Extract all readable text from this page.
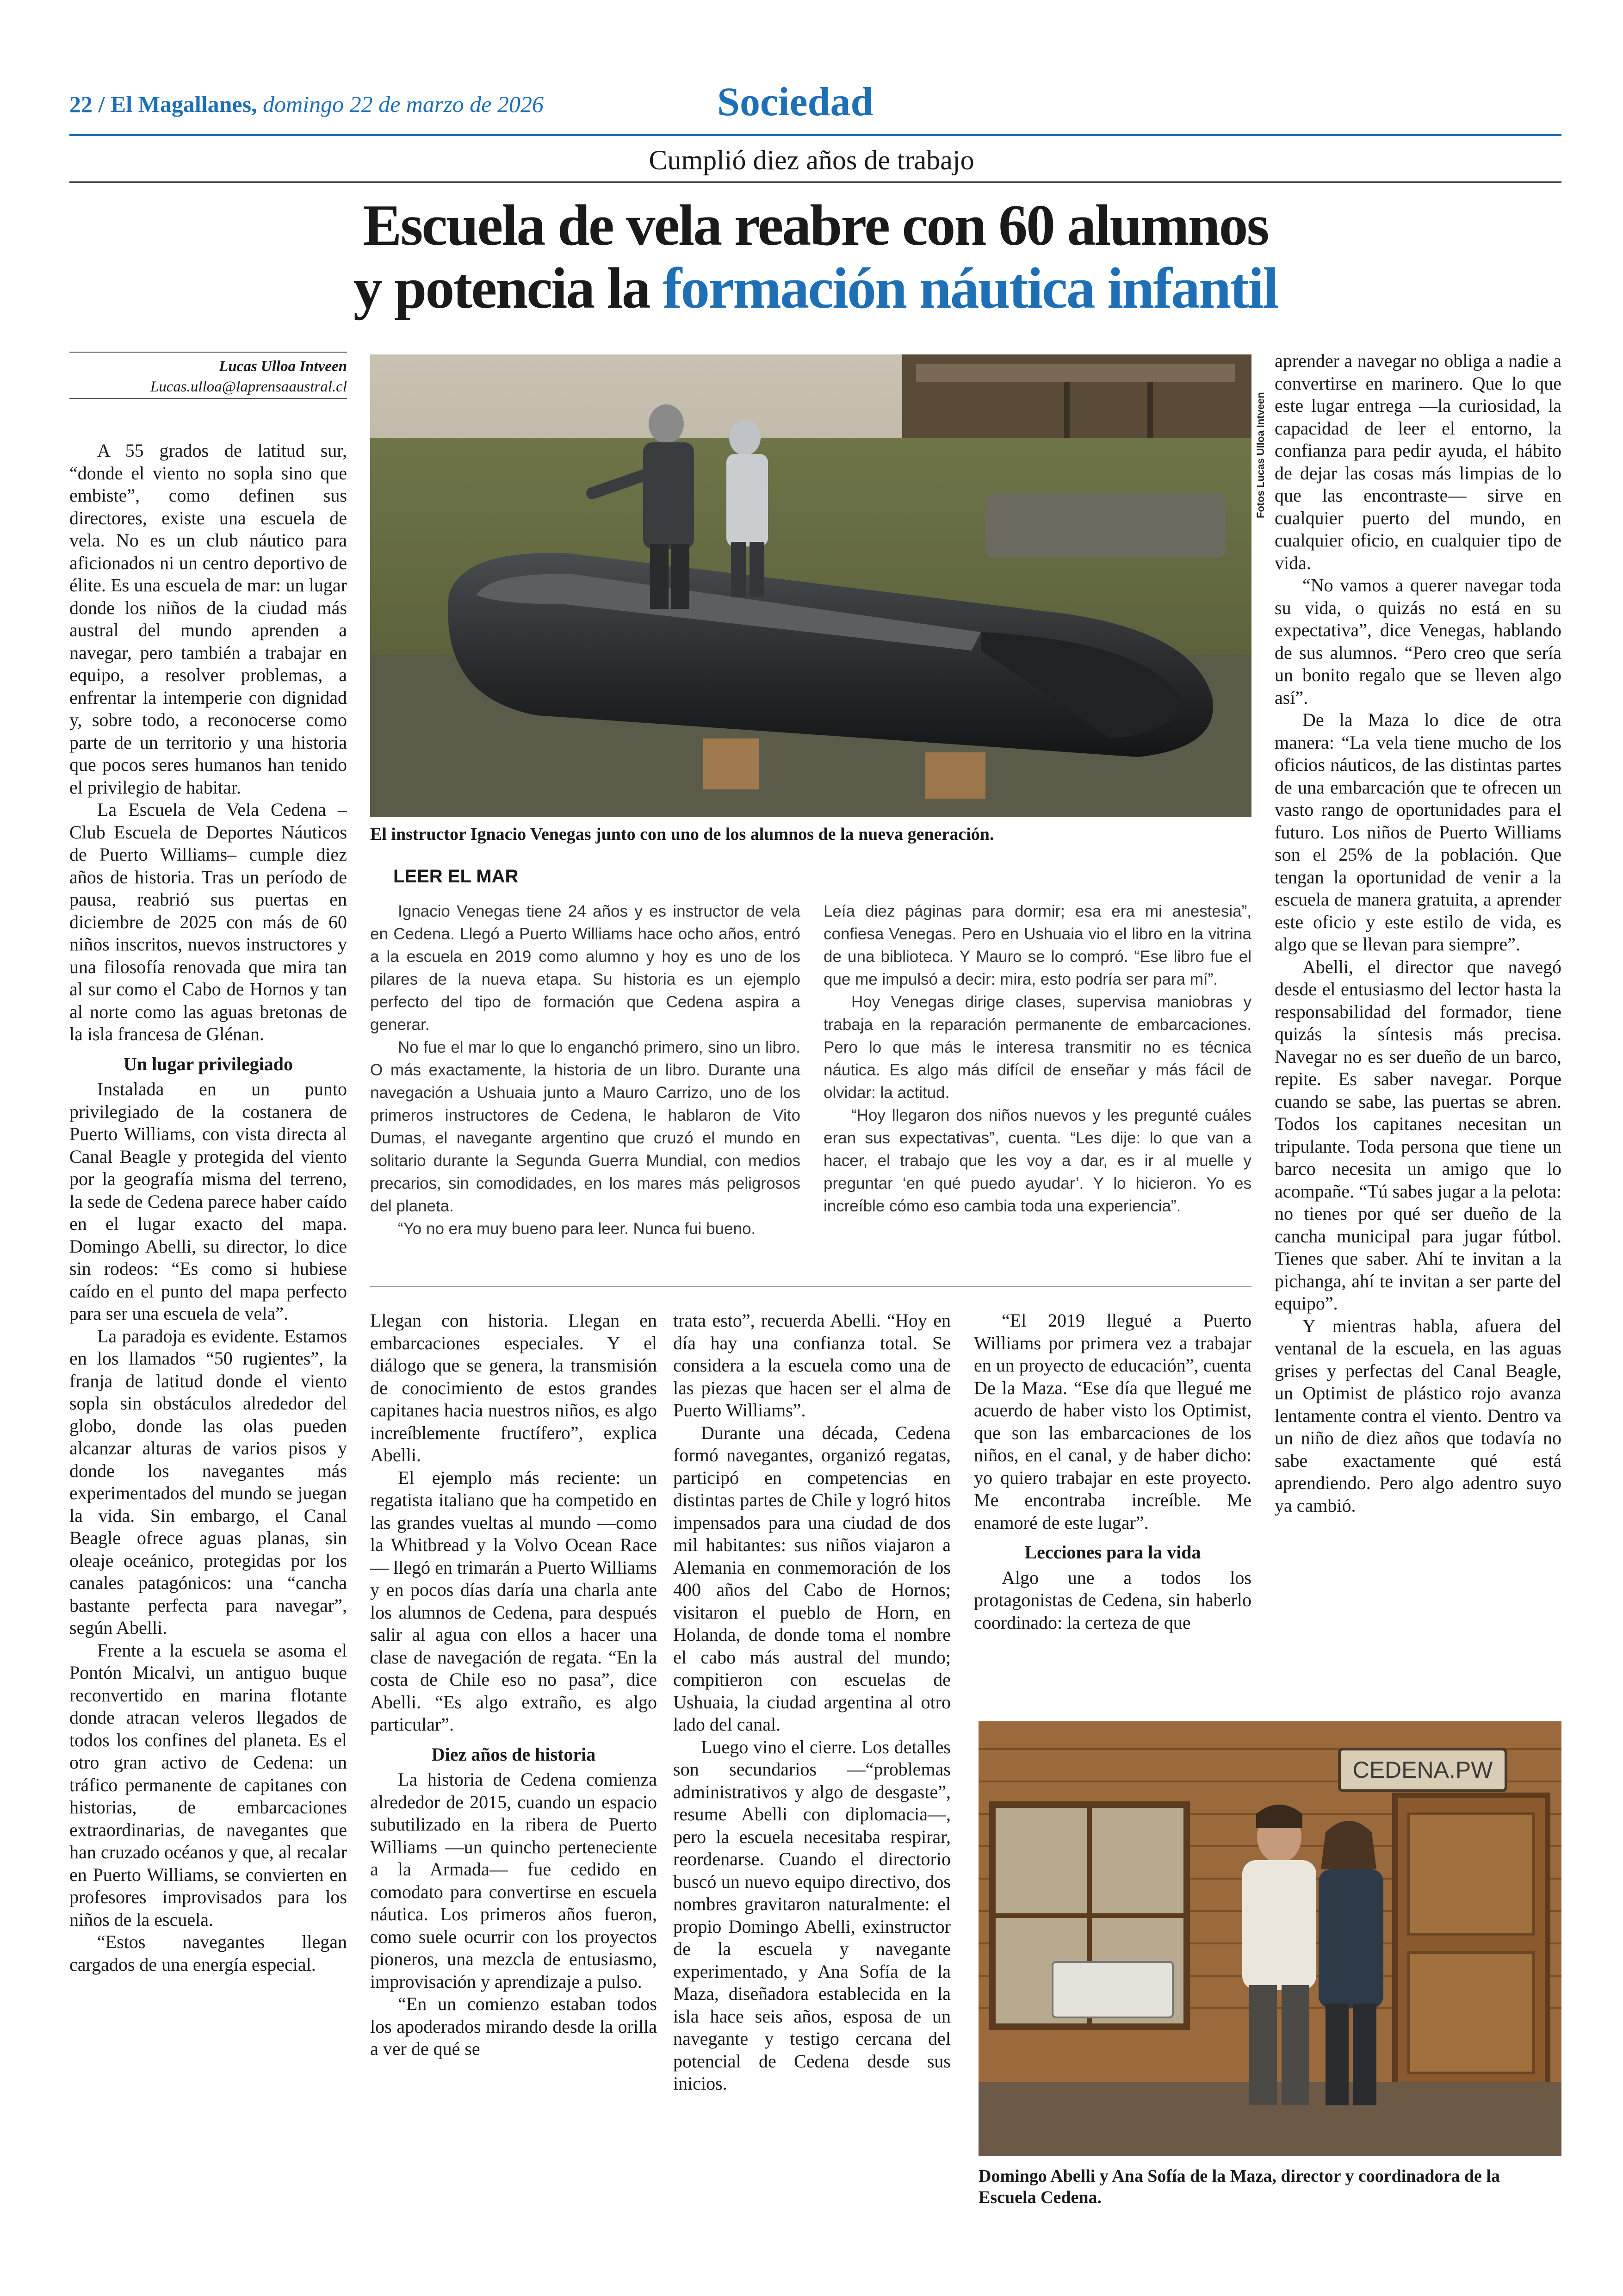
22 / El Magallanes, domingo 22 de marzo de 2026	Sociedad
Cumplió diez años de trabajo
Escuela de vela reabre con 60 alumnos
y potencia la formación náutica infantil
Lucas Ulloa Intveen
Lucas.ulloa@laprensaaustral.cl
Fotos Lucas Ulloa Intveen
El instructor Ignacio Venegas junto con uno de los alumnos de la nueva generación.

A 55 grados de latitud sur, “donde el viento no sopla sino que embiste”, como definen sus directores, existe una escuela de vela. No es un club náutico para aficionados ni un centro deportivo de élite. Es una escuela de mar: un lugar donde los niños de la ciudad más austral del mundo aprenden a navegar, pero también a trabajar en equipo, a resolver problemas, a enfrentar la intemperie con dignidad y, sobre todo, a reconocerse como parte de un territorio y una historia que pocos seres humanos han tenido el privilegio de habitar.

La Escuela de Vela Cedena –Club Escuela de Deportes Náuticos de Puerto Williams– cumple diez años de historia. Tras un período de pausa, reabrió sus puertas en diciembre de 2025 con más de 60 niños inscritos, nuevos instructores y una filosofía renovada que mira tan al sur como el Cabo de Hornos y tan al norte como las aguas bretonas de la isla francesa de Glénan.

Un lugar privilegiado

Instalada en un punto privilegiado de la costanera de Puerto Williams, con vista directa al Canal Beagle y protegida del viento por la geografía misma del terreno, la sede de Cedena parece haber caído en el lugar exacto del mapa. Domingo Abelli, su director, lo dice sin rodeos: “Es como si hubiese caído en el punto del mapa perfecto para ser una escuela de vela”.

La paradoja es evidente. Estamos en los llamados “50 rugientes”, la franja de latitud donde el viento sopla sin obstáculos alrededor del globo, donde las olas pueden alcanzar alturas de varios pisos y donde los navegantes más experimentados del mundo se juegan la vida. Sin embargo, el Canal Beagle ofrece aguas planas, sin oleaje oceánico, protegidas por los canales patagónicos: una “cancha bastante perfecta para navegar”, según Abelli.

Frente a la escuela se asoma el Pontón Micalvi, un antiguo buque reconvertido en marina flotante donde atracan veleros llegados de todos los confines del planeta. Es el otro gran activo de Cedena: un tráfico permanente de capitanes con historias, de embarcaciones extraordinarias, de navegantes que han cruzado océanos y que, al recalar en Puerto Williams, se convierten en profesores improvisados para los niños de la escuela.

“Estos navegantes llegan cargados de una energía especial.

LEER EL MAR

Ignacio Venegas tiene 24 años y es instructor de vela en Cedena. Llegó a Puerto Williams hace ocho años, entró a la escuela en 2019 como alumno y hoy es uno de los pilares de la nueva etapa. Su historia es un ejemplo perfecto del tipo de formación que Cedena aspira a generar.

No fue el mar lo que lo enganchó primero, sino un libro. O más exactamente, la historia de un libro. Durante una navegación a Ushuaia junto a Mauro Carrizo, uno de los primeros instructores de Cedena, le hablaron de Vito Dumas, el navegante argentino que cruzó el mundo en solitario durante la Segunda Guerra Mundial, con medios precarios, sin comodidades, en los mares más peligrosos del planeta.

“Yo no era muy bueno para leer. Nunca fui bueno.

Leía diez páginas para dormir; esa era mi anestesia”, confiesa Venegas. Pero en Ushuaia vio el libro en la vitrina de una biblioteca. Y Mauro se lo compró. “Ese libro fue el que me impulsó a decir: mira, esto podría ser para mí”.

Hoy Venegas dirige clases, supervisa maniobras y trabaja en la reparación permanente de embarcaciones. Pero lo que más le interesa transmitir no es técnica náutica. Es algo más difícil de enseñar y más fácil de olvidar: la actitud.

“Hoy llegaron dos niños nuevos y les pregunté cuáles eran sus expectativas”, cuenta. “Les dije: lo que van a hacer, el trabajo que les voy a dar, es ir al muelle y preguntar ‘en qué puedo ayudar’. Y lo hicieron. Yo es increíble cómo eso cambia toda una experiencia”.

Llegan con historia. Llegan en embarcaciones especiales. Y el diálogo que se genera, la transmisión de conocimiento de estos grandes capitanes hacia nuestros niños, es algo increíblemente fructífero”, explica Abelli.

El ejemplo más reciente: un regatista italiano que ha competido en las grandes vueltas al mundo —como la Whitbread y la Volvo Ocean Race— llegó en trimarán a Puerto Williams y en pocos días daría una charla ante los alumnos de Cedena, para después salir al agua con ellos a hacer una clase de navegación de regata. “En la costa de Chile eso no pasa”, dice Abelli. “Es algo extraño, es algo particular”.

Diez años de historia

La historia de Cedena comienza alrededor de 2015, cuando un espacio subutilizado en la ribera de Puerto Williams —un quincho perteneciente a la Armada— fue cedido en comodato para convertirse en escuela náutica. Los primeros años fueron, como suele ocurrir con los proyectos pioneros, una mezcla de entusiasmo, improvisación y aprendizaje a pulso.

“En un comienzo estaban todos los apoderados mirando desde la orilla a ver de qué se

trata esto”, recuerda Abelli. “Hoy en día hay una confianza total. Se considera a la escuela como una de las piezas que hacen ser el alma de Puerto Williams”.

Durante una década, Cedena formó navegantes, organizó regatas, participó en competencias en distintas partes de Chile y logró hitos impensados para una ciudad de dos mil habitantes: sus niños viajaron a Alemania en conmemoración de los 400 años del Cabo de Hornos; visitaron el pueblo de Horn, en Holanda, de donde toma el nombre el cabo más austral del mundo; compitieron con escuelas de Ushuaia, la ciudad argentina al otro lado del canal.

Luego vino el cierre. Los detalles son secundarios —“problemas administrativos y algo de desgaste”, resume Abelli con diplomacia—, pero la escuela necesitaba respirar, reordenarse. Cuando el directorio buscó un nuevo equipo directivo, dos nombres gravitaron naturalmente: el propio Domingo Abelli, exinstructor de la escuela y navegante experimentado, y Ana Sofía de la Maza, diseñadora establecida en la isla hace seis años, esposa de un navegante y testigo cercana del potencial de Cedena desde sus inicios.

“El 2019 llegué a Puerto Williams por primera vez a trabajar en un proyecto de educación”, cuenta De la Maza. “Ese día que llegué me acuerdo de haber visto los Optimist, que son las embarcaciones de los niños, en el canal, y de haber dicho: yo quiero trabajar en este proyecto. Me encontraba increíble. Me enamoré de este lugar”.

Lecciones para la vida

Algo une a todos los protagonistas de Cedena, sin haberlo coordinado: la certeza de que

aprender a navegar no obliga a nadie a convertirse en marinero. Que lo que este lugar entrega —la curiosidad, la capacidad de leer el entorno, la confianza para pedir ayuda, el hábito de dejar las cosas más limpias de lo que las encontraste— sirve en cualquier puerto del mundo, en cualquier oficio, en cualquier tipo de vida.

“No vamos a querer navegar toda su vida, o quizás no está en su expectativa”, dice Venegas, hablando de sus alumnos. “Pero creo que sería un bonito regalo que se lleven algo así”.

De la Maza lo dice de otra manera: “La vela tiene mucho de los oficios náuticos, de las distintas partes de una embarcación que te ofrecen un vasto rango de oportunidades para el futuro. Los niños de Puerto Williams son el 25% de la población. Que tengan la oportunidad de venir a la escuela de manera gratuita, a aprender este oficio y este estilo de vida, es algo que se llevan para siempre”.

Abelli, el director que navegó desde el entusiasmo del lector hasta la responsabilidad del formador, tiene quizás la síntesis más precisa. Navegar no es ser dueño de un barco, repite. Es saber navegar. Porque cuando se sabe, las puertas se abren. Todos los capitanes necesitan un tripulante. Toda persona que tiene un barco necesita un amigo que lo acompañe. “Tú sabes jugar a la pelota: no tienes por qué ser dueño de la cancha municipal para jugar fútbol. Tienes que saber. Ahí te invitan a la pichanga, ahí te invitan a ser parte del equipo”.

Y mientras habla, afuera del ventanal de la escuela, en las aguas grises y perfectas del Canal Beagle, un Optimist de plástico rojo avanza lentamente contra el viento. Dentro va un niño de diez años que todavía no sabe exactamente qué está aprendiendo. Pero algo adentro suyo ya cambió.

CEDENA.PW
Domingo Abelli y Ana Sofía de la Maza, director y coordinadora de la Escuela Cedena.
